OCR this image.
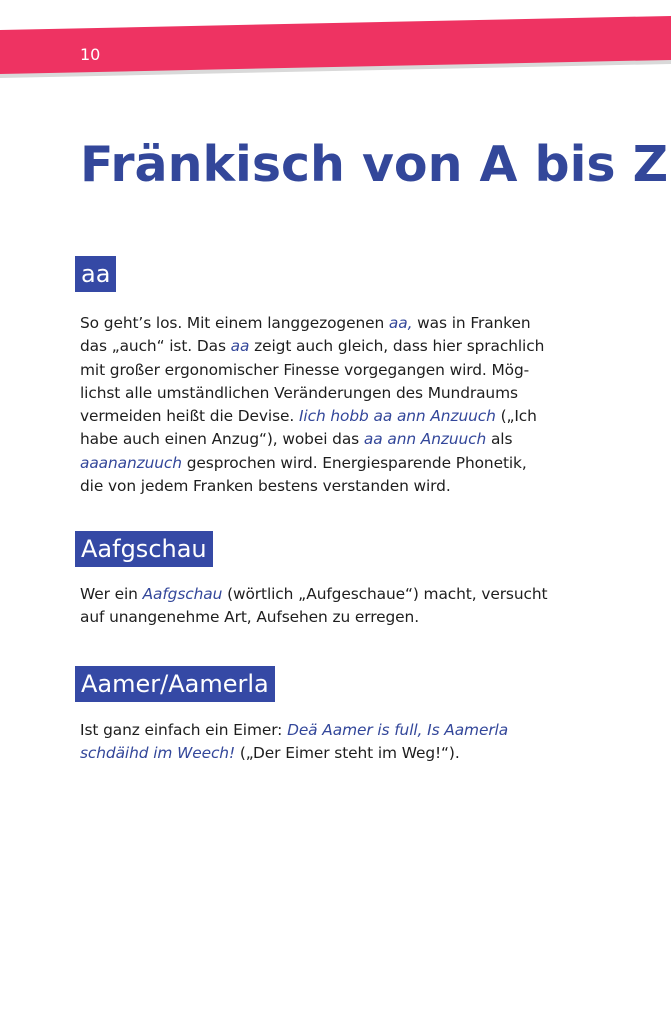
10
Fränkisch von A bis Z
aa

So geht’s los. Mit einem langgezogenen aa, was in Franken
das „auch“ ist. Das aa zeigt auch gleich, dass hier sprachlich
mit großer ergonomischer Finesse vorgegangen wird. Mög-
lichst alle umständlichen Veränderungen des Mundraums
vermeiden heißt die Devise. Iich hobb aa ann Anzuuch („Ich
habe auch einen Anzug“), wobei das aa ann Anzuuch als
aaananzuuch gesprochen wird. Energiesparende Phonetik,
die von jedem Franken bestens verstanden wird.

Aafgschau

Wer ein Aafgschau (wörtlich „Aufgeschaue“) macht, versucht
auf unangenehme Art, Aufsehen zu erregen.

Aamer/Aamerla

Ist ganz einfach ein Eimer: Deä Aamer is full, Is Aamerla
schdäihd im Weech! („Der Eimer steht im Weg!“).
